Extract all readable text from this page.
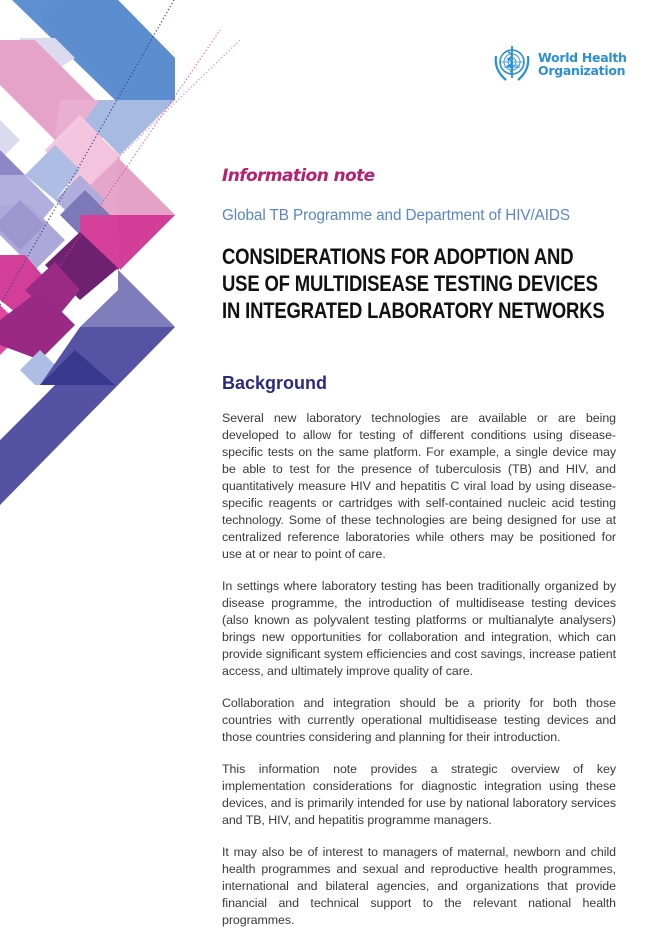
World Health
Organization

Information note

Global TB Programme and Department of HIV/AIDS

CONSIDERATIONS FOR ADOPTION AND
USE OF MULTIDISEASE TESTING DEVICES
IN INTEGRATED LABORATORY NETWORKS
Background

Several new laboratory technologies are available or are being developed to allow for testing of different conditions using disease-specific tests on the same platform. For example, a single device may be able to test for the presence of tuberculosis (TB) and HIV, and quantitatively measure HIV and hepatitis C viral load by using disease-specific reagents or cartridges with self-contained nucleic acid testing technology. Some of these technologies are being designed for use at centralized reference laboratories while others may be positioned for use at or near to point of care.

In settings where laboratory testing has been traditionally organized by disease programme, the introduction of multidisease testing devices (also known as polyvalent testing platforms or multianalyte analysers) brings new opportunities for collaboration and integration, which can provide significant system efficiencies and cost savings, increase patient access, and ultimately improve quality of care.

Collaboration and integration should be a priority for both those countries with currently operational multidisease testing devices and those countries considering and planning for their introduction.

This information note provides a strategic overview of key implementation considerations for diagnostic integration using these devices, and is primarily intended for use by national laboratory services and TB, HIV, and hepatitis programme managers.

It may also be of interest to managers of maternal, newborn and child health programmes and sexual and reproductive health programmes, international and bilateral agencies, and organizations that provide financial and technical support to the relevant national health programmes.
